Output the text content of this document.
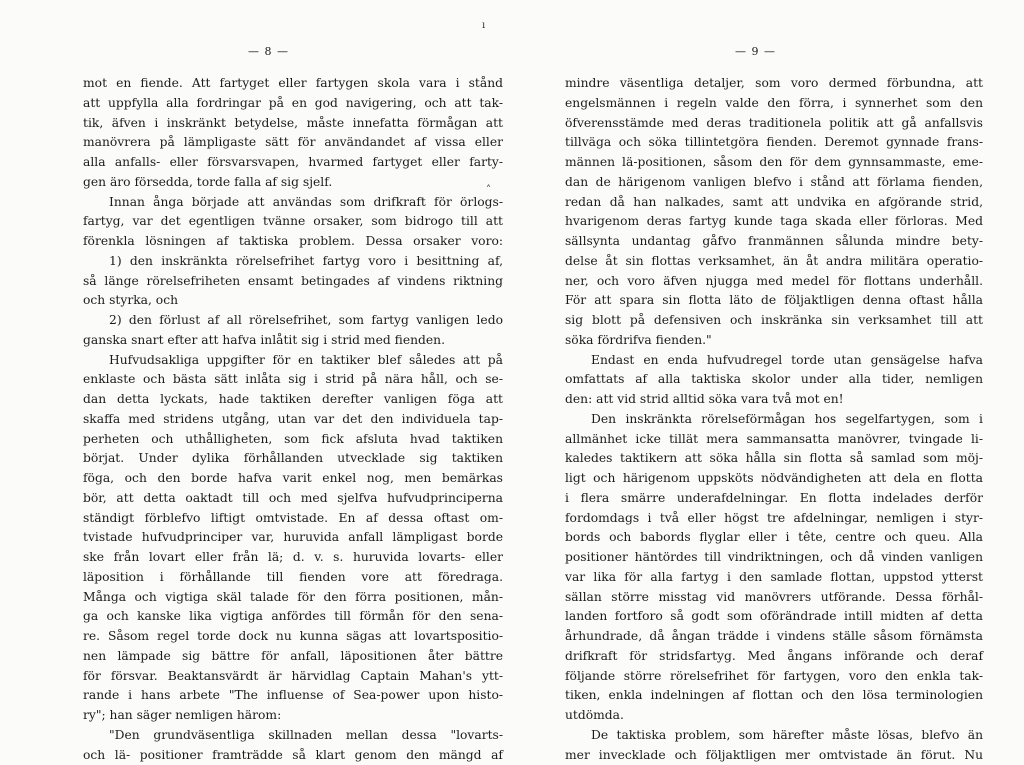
— 8 —
mot en fiende. Att fartyget eller fartygen skola vara i stånd
att uppfylla alla fordringar på en god navigering, och att tak-
tik, äfven i inskränkt betydelse, måste innefatta förmågan att
manövrera på lämpligaste sätt för användandet af vissa eller
alla anfalls- eller försvarsvapen, hvarmed fartyget eller farty-
gen äro försedda, torde falla af sig sjelf.
Innan ånga började att användas som drifkraft för örlogs-
fartyg, var det egentligen tvänne orsaker, som bidrogo till att
förenkla lösningen af taktiska problem. Dessa orsaker voro:
1) den inskränkta rörelsefrihet fartyg voro i besittning af,
så länge rörelsefriheten ensamt betingades af vindens riktning
och styrka, och
2) den förlust af all rörelsefrihet, som fartyg vanligen ledo
ganska snart efter att hafva inlåtit sig i strid med fienden.
Hufvudsakliga uppgifter för en taktiker blef således att på
enklaste och bästa sätt inlåta sig i strid på nära håll, och se-
dan detta lyckats, hade taktiken derefter vanligen föga att
skaffa med stridens utgång, utan var det den individuela tap-
perheten och uthålligheten, som fick afsluta hvad taktiken
börjat. Under dylika förhållanden utvecklade sig taktiken
föga, och den borde hafva varit enkel nog, men bemärkas
bör, att detta oaktadt till och med sjelfva hufvudprinciperna
ständigt förblefvo liftigt omtvistade. En af dessa oftast om-
tvistade hufvudprinciper var, huruvida anfall lämpligast borde
ske från lovart eller från lä; d. v. s. huruvida lovarts- eller
läposition i förhållande till fienden vore att föredraga.
Många och vigtiga skäl talade för den förra positionen, mån-
ga och kanske lika vigtiga anfördes till förmån för den sena-
re. Såsom regel torde dock nu kunna sägas att lovartspositio-
nen lämpade sig bättre för anfall, läpositionen åter bättre
för försvar. Beaktansvärdt är härvidlag Captain Mahan's ytt-
rande i hans arbete "The influense of Sea-power upon histo-
ry"; han säger nemligen härom:
"Den grundväsentliga skillnaden mellan dessa "lovarts-
och lä- positioner framträdde så klart genom den mängd af
— 9 —
mindre väsentliga detaljer, som voro dermed förbundna, att
engelsmännen i regeln valde den förra, i synnerhet som den
öfverensstämde med deras traditionela politik att gå anfallsvis
tillväga och söka tillintetgöra fienden. Deremot gynnade frans-
männen lä-positionen, såsom den för dem gynnsammaste, eme-
dan de härigenom vanligen blefvo i stånd att förlama fienden,
redan då han nalkades, samt att undvika en afgörande strid,
hvarigenom deras fartyg kunde taga skada eller förloras. Med
sällsynta undantag gåfvo franmännen sålunda mindre bety-
delse åt sin flottas verksamhet, än åt andra militära operatio-
ner, och voro äfven njugga med medel för flottans underhåll.
För att spara sin flotta läto de följaktligen denna oftast hålla
sig blott på defensiven och inskränka sin verksamhet till att
söka fördrifva fienden."
Endast en enda hufvudregel torde utan gensägelse hafva
omfattats af alla taktiska skolor under alla tider, nemligen
den: att vid strid alltid söka vara två mot en!
Den inskränkta rörelseförmågan hos segelfartygen, som i
allmänhet icke tillät mera sammansatta manövrer, tvingade li-
kaledes taktikern att söka hålla sin flotta så samlad som möj-
ligt och härigenom uppsköts nödvändigheten att dela en flotta
i flera smärre underafdelningar. En flotta indelades derför
fordomdags i två eller högst tre afdelningar, nemligen i styr-
bords och babords flyglar eller i tête, centre och queu. Alla
positioner häntördes till vindriktningen, och då vinden vanligen
var lika för alla fartyg i den samlade flottan, uppstod ytterst
sällan större misstag vid manövrers utförande. Dessa förhål-
landen fortforo så godt som oförändrade intill midten af detta
århundrade, då ångan trädde i vindens ställe såsom förnämsta
drifkraft för stridsfartyg. Med ångans införande och deraf
följande större rörelsefrihet för fartygen, voro den enkla tak-
tiken, enkla indelningen af flottan och den lösa terminologien
utdömda.
De taktiska problem, som härefter måste lösas, blefvo än
mer invecklade och följaktligen mer omtvistade än förut. Nu
ı
˄
